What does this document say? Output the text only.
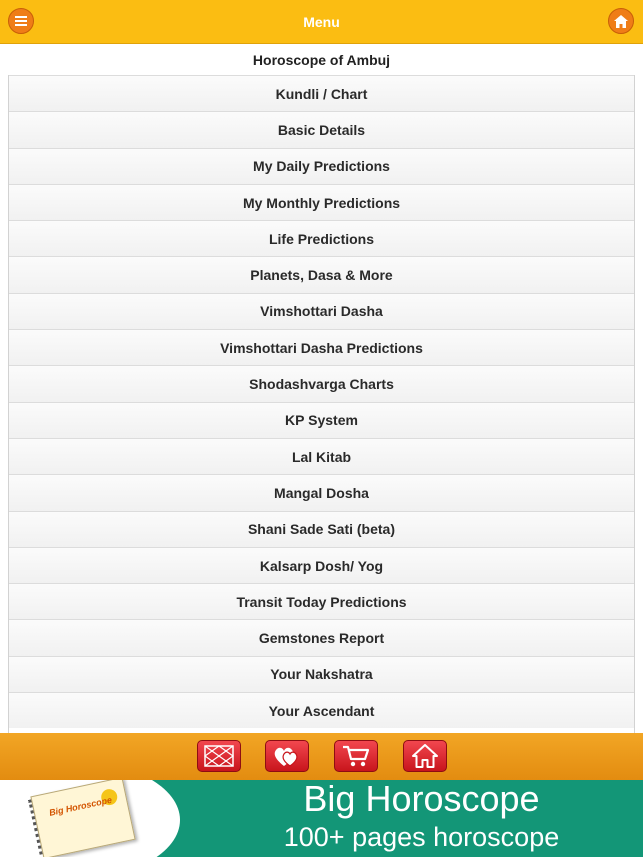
Menu
Horoscope of Ambuj
Kundli / Chart
Basic Details
My Daily Predictions
My Monthly Predictions
Life Predictions
Planets, Dasa & More
Vimshottari Dasha
Vimshottari Dasha Predictions
Shodashvarga Charts
KP System
Lal Kitab
Mangal Dosha
Shani Sade Sati (beta)
Kalsarp Dosh/ Yog
Transit Today Predictions
Gemstones Report
Your Nakshatra
Your Ascendant
Big Horoscope	Big Horoscope
100+ pages horoscope
